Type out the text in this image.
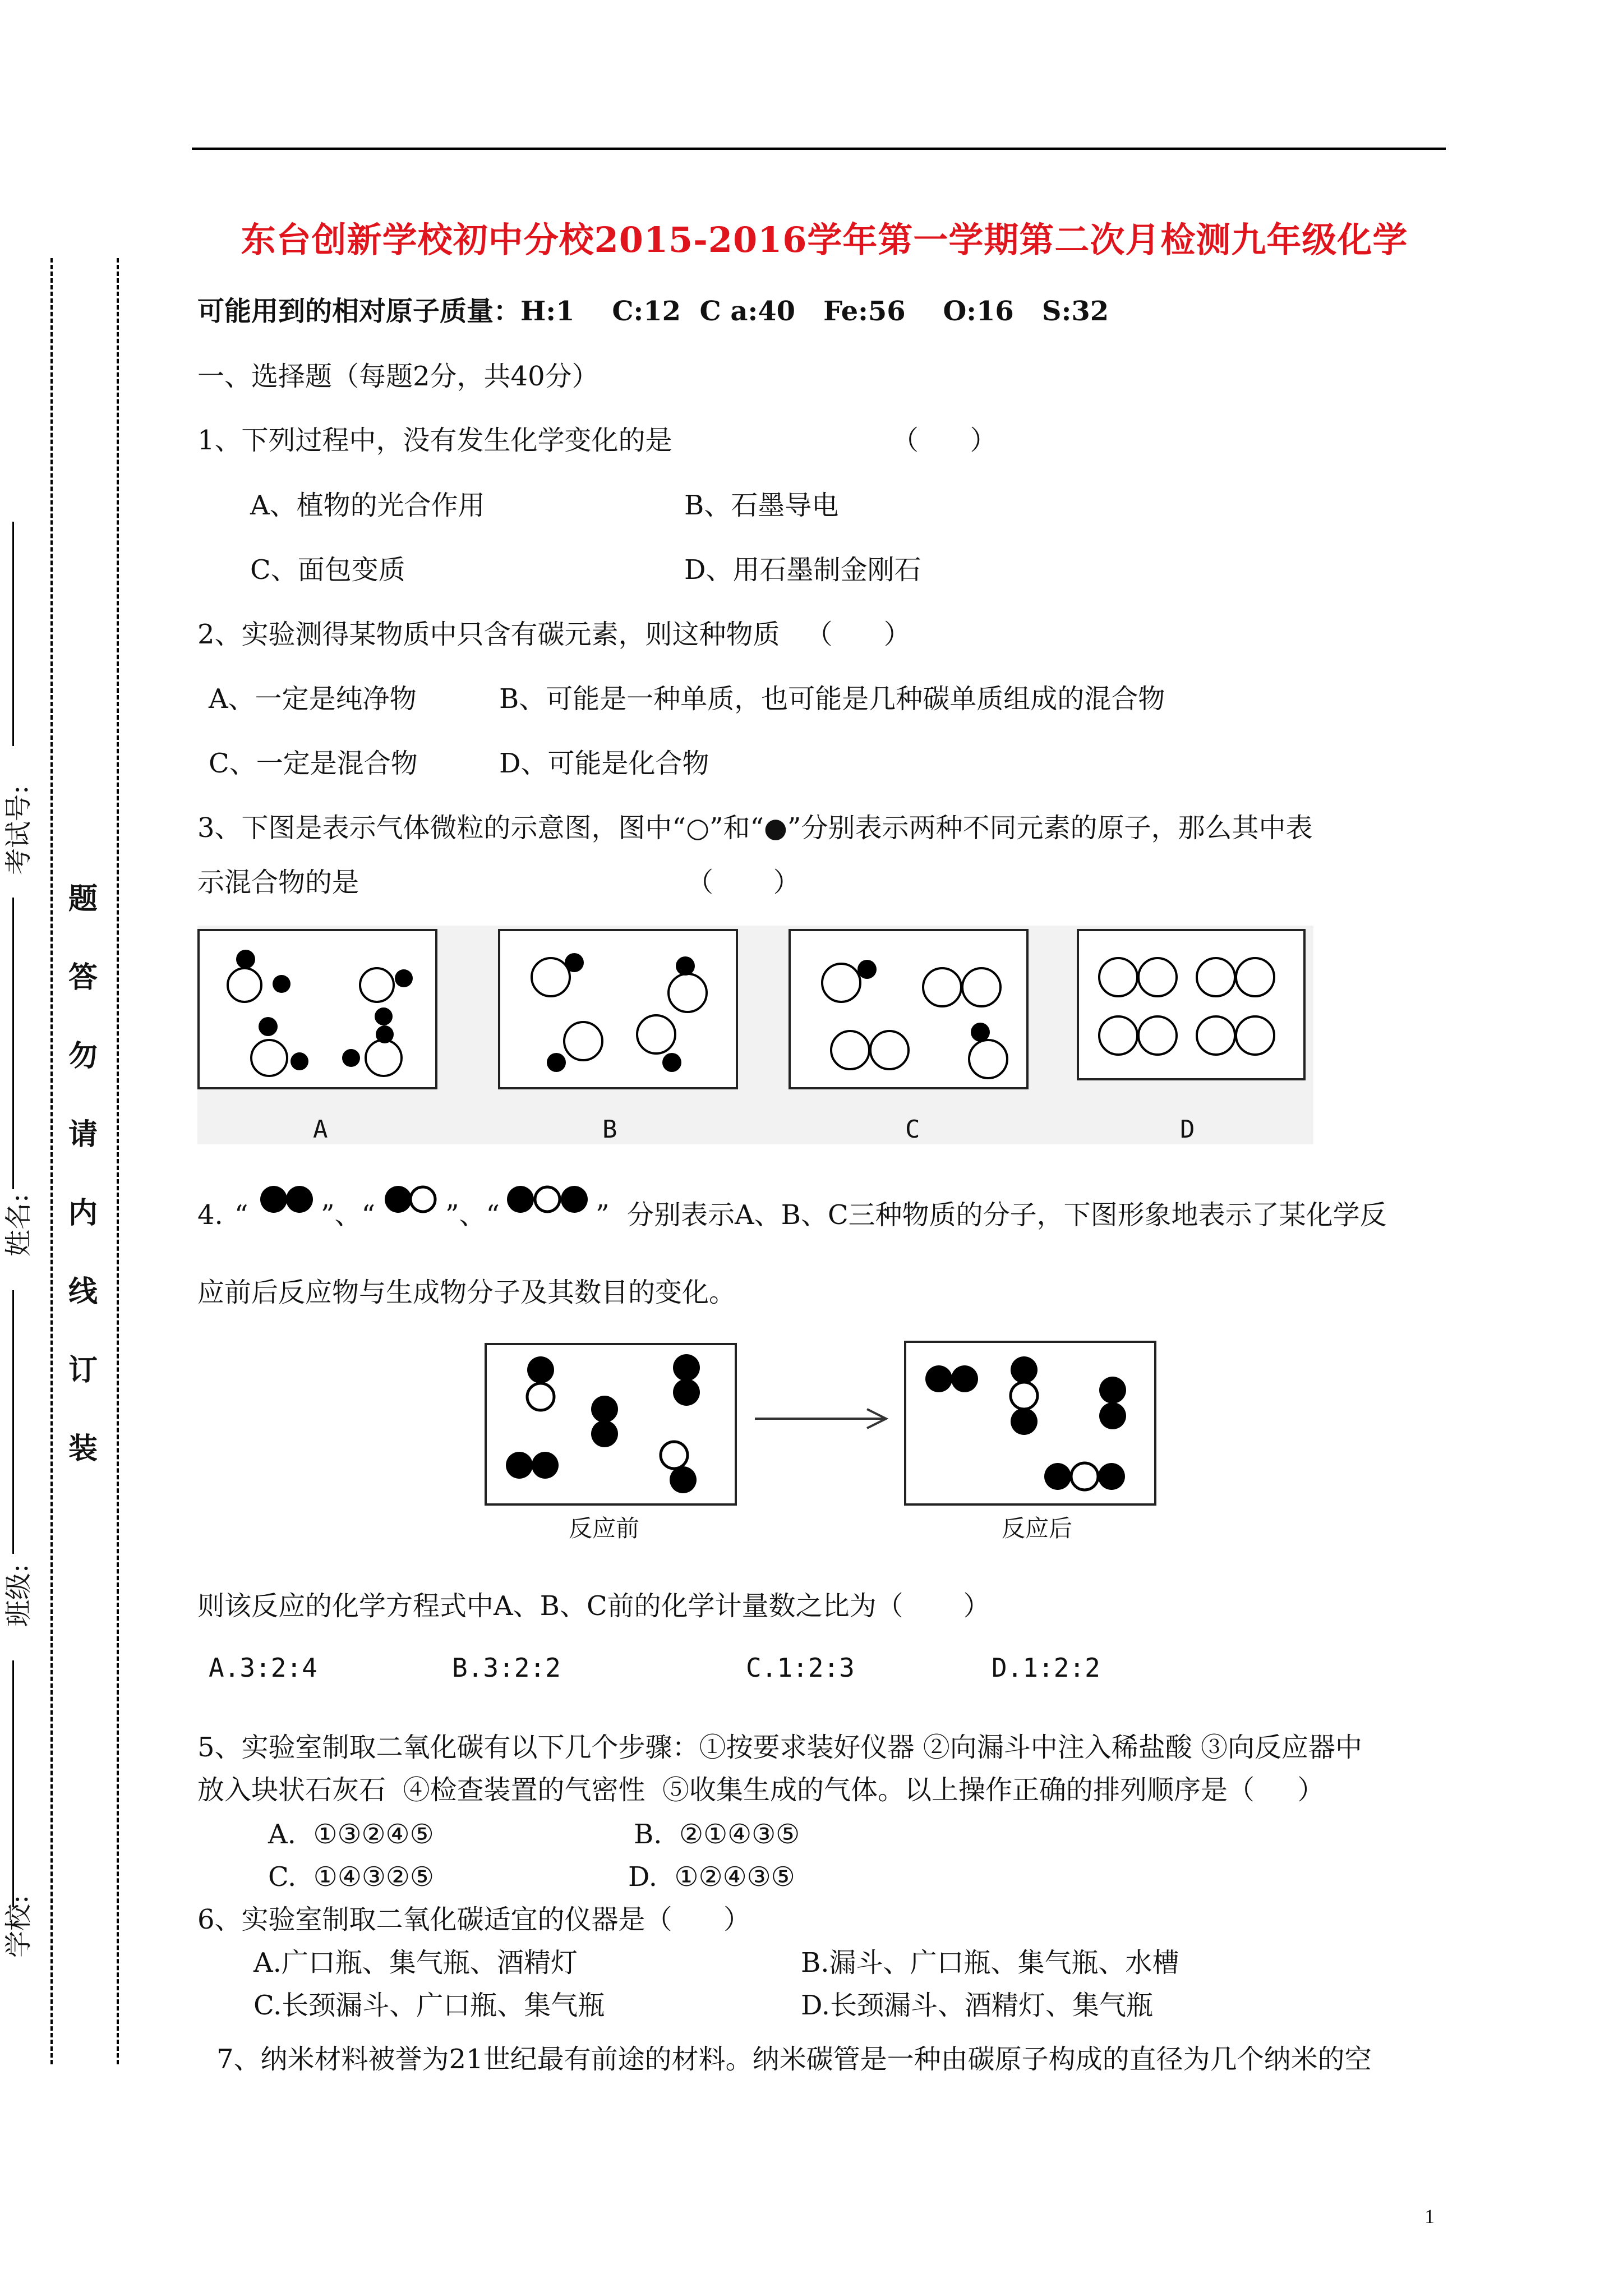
题
答
勿
请
内
线
订
装
考试号:
姓名:
班级:
学校:
东台创新学校初中分校2015-2016学年第一学期第二次月检测九年级化学
可能用到的相对原子质量：H:1    C:12  C a:40   Fe:56    O:16   S:32
一、选择题（每题2分，共40分）
1、下列过程中，没有发生化学变化的是	（      ）
A、植物的光合作用	B、石墨导电
C、面包变质	D、用石墨制金刚石
2、实验测得某物质中只含有碳元素，则这种物质   （      ）
A、一定是纯净物	B、可能是一种单质，也可能是几种碳单质组成的混合物
C、一定是混合物	D、可能是化合物
3、下图是表示气体微粒的示意图，图中“○”和“●”分别表示两种不同元素的原子，那么其中表
示混合物的是	（       ）
A	B	C	D
4. “	”、“	”、“	” 分别表示A、B、C三种物质的分子，下图形象地表示了某化学反
应前后反应物与生成物分子及其数目的变化。
反应前	反应后
则该反应的化学方程式中A、B、C前的化学计量数之比为（       ）
A.3:2:4	B.3:2:2	C.1:2:3	D.1:2:2
5、实验室制取二氧化碳有以下几个步骤：①按要求装好仪器 ②向漏斗中注入稀盐酸 ③向反应器中
放入块状石灰石  ④检查装置的气密性  ⑤收集生成的气体。以上操作正确的排列顺序是（     ）
A.  ①③②④⑤	B.  ②①④③⑤
C.  ①④③②⑤	D.  ①②④③⑤
6、实验室制取二氧化碳适宜的仪器是（      ）
A.广口瓶、集气瓶、酒精灯	B.漏斗、广口瓶、集气瓶、水槽
C.长颈漏斗、广口瓶、集气瓶	D.长颈漏斗、酒精灯、集气瓶
7、纳米材料被誉为21世纪最有前途的材料。纳米碳管是一种由碳原子构成的直径为几个纳米的空
1
